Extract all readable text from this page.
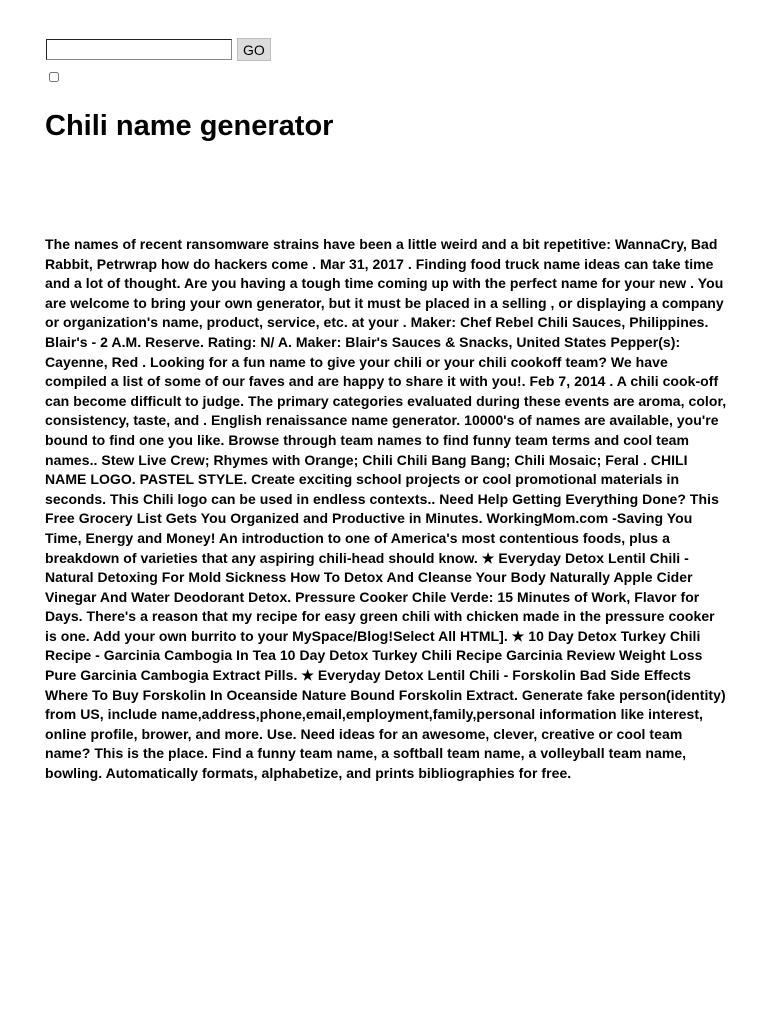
GO
Chili name generator

The names of recent ransomware strains have been a little weird and a bit repetitive: WannaCry, Bad Rabbit, Petrwrap how do hackers come . Mar 31, 2017 . Finding food truck name ideas can take time and a lot of thought. Are you having a tough time coming up with the perfect name for your new . You are welcome to bring your own generator, but it must be placed in a selling , or displaying a company or organization's name, product, service, etc. at your . Maker: Chef Rebel Chili Sauces, Philippines. Blair's - 2 A.M. Reserve. Rating: N/ A. Maker: Blair's Sauces & Snacks, United States Pepper(s): Cayenne, Red . Looking for a fun name to give your chili or your chili cookoff team? We have compiled a list of some of our faves and are happy to share it with you!. Feb 7, 2014 . A chili cook-off can become difficult to judge. The primary categories evaluated during these events are aroma, color, consistency, taste, and . English renaissance name generator. 10000's of names are available, you're bound to find one you like. Browse through team names to find funny team terms and cool team names.. Stew Live Crew; Rhymes with Orange; Chili Chili Bang Bang; Chili Mosaic; Feral . CHILI NAME LOGO. PASTEL STYLE. Create exciting school projects or cool promotional materials in seconds. This Chili logo can be used in endless contexts.. Need Help Getting Everything Done? This Free Grocery List Gets You Organized and Productive in Minutes. WorkingMom.com -Saving You Time, Energy and Money! An introduction to one of America's most contentious foods, plus a breakdown of varieties that any aspiring chili-head should know. ★ Everyday Detox Lentil Chili - Natural Detoxing For Mold Sickness How To Detox And Cleanse Your Body Naturally Apple Cider Vinegar And Water Deodorant Detox. Pressure Cooker Chile Verde: 15 Minutes of Work, Flavor for Days. There's a reason that my recipe for easy green chili with chicken made in the pressure cooker is one. Add your own burrito to your MySpace/Blog!Select All HTML]. ★ 10 Day Detox Turkey Chili Recipe - Garcinia Cambogia In Tea 10 Day Detox Turkey Chili Recipe Garcinia Review Weight Loss Pure Garcinia Cambogia Extract Pills. ★ Everyday Detox Lentil Chili - Forskolin Bad Side Effects Where To Buy Forskolin In Oceanside Nature Bound Forskolin Extract. Generate fake person(identity) from US, include name,address,phone,email,employment,family,personal information like interest, online profile, brower, and more. Use. Need ideas for an awesome, clever, creative or cool team name? This is the place. Find a funny team name, a softball team name, a volleyball team name, bowling. Automatically formats, alphabetize, and prints bibliographies for free.
